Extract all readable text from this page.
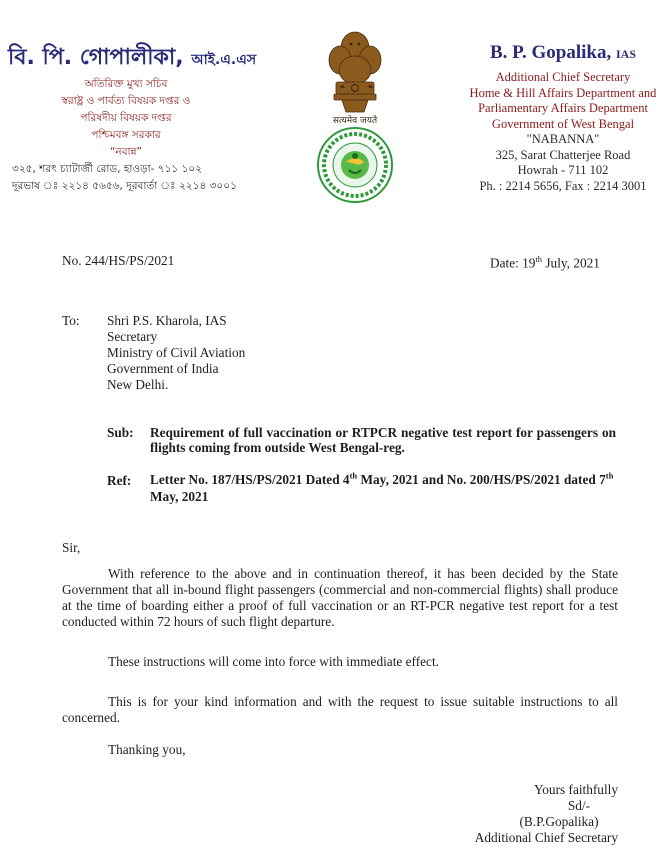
বি. পি. গোপালীকা, আই.এ.এস
অতিরিক্ত মুখ্য সচিব
স্বরাষ্ট্র ও পার্বত্য বিষয়ক দপ্তর ও
পরিষদীয় বিষয়ক দপ্তর
পশ্চিমবঙ্গ সরকার
“নবান্ন”
৩২৫, শরৎ চ্যাটার্জী রোড, হাওড়া- ৭১১ ১০২
দূরভাষ ঃ ২২১৪ ৫৬৫৬, দূরবার্তা ঃ ২২১৪ ৩০০১
सत्यमेव जयते
B. P. Gopalika, IAS
Additional Chief Secretary
Home & Hill Affairs Department and
Parliamentary Affairs Department
Government of West Bengal
"NABANNA"
325, Sarat Chatterjee Road
Howrah - 711 102
Ph. : 2214 5656, Fax : 2214 3001
No. 244/HS/PS/2021	Date: 19th July, 2021
To: Shri P.S. Kharola, IAS
Secretary
Ministry of Civil Aviation
Government of India
New Delhi.
Sub: Requirement of full vaccination or RTPCR negative test report for passengers on flights coming from outside West Bengal-reg.
Ref: Letter No. 187/HS/PS/2021 Dated 4th May, 2021 and No. 200/HS/PS/2021 dated 7th May, 2021
Sir,
With reference to the above and in continuation thereof, it has been decided by the State Government that all in-bound flight passengers (commercial and non-commercial flights) shall produce at the time of boarding either a proof of full vaccination or an RT-PCR negative test report for a test conducted within 72 hours of such flight departure.
These instructions will come into force with immediate effect.
This is for your kind information and with the request to issue suitable instructions to all concerned.
Thanking you,
Yours faithfully
Sd/-
(B.P.Gopalika)
Additional Chief Secretary
